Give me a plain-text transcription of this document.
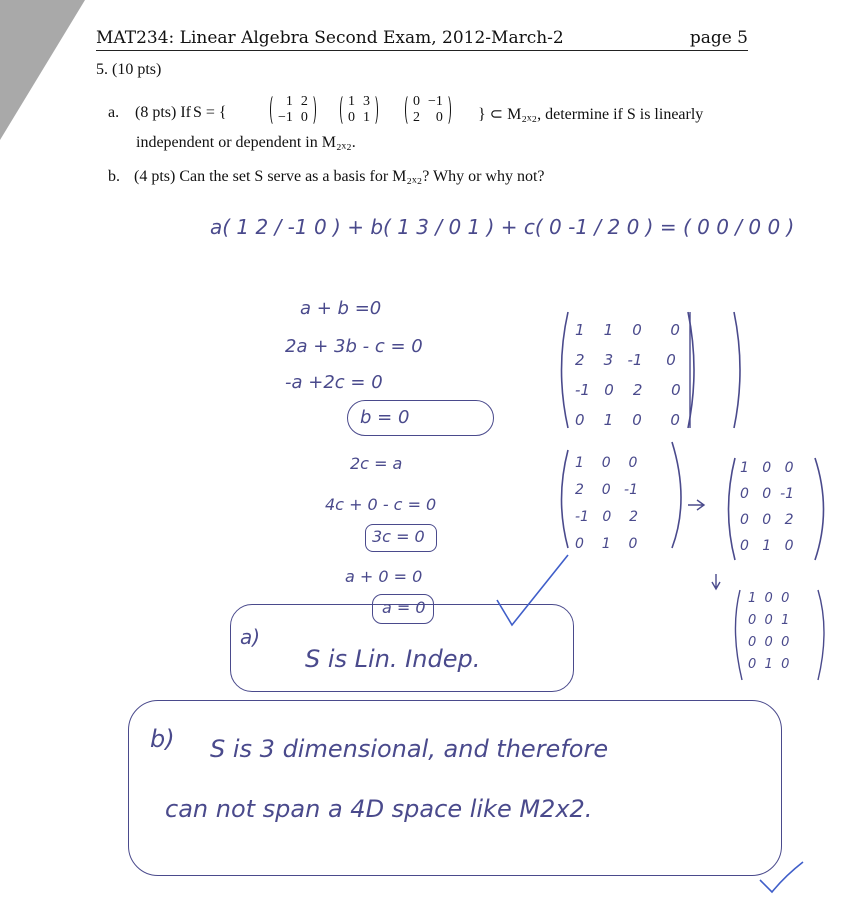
MAT234: Linear Algebra Second Exam, 2012-March-2	page 5
5. (10 pts)
a. (8 pts) If S = {
1 2
−1 0
1 3
0 1
0 −1
2	0 } ⊂ M₂ₓ₂, determine if S is linearly
independent or dependent in M₂ₓ₂.
b. (4 pts) Can the set S serve as a basis for M₂ₓ₂? Why or why not?
a( 1 2 / -1 0 ) + b( 1 3 / 0 1 ) + c( 0 -1 / 2 0 ) = ( 0 0 / 0 0 )
a + b =0
2a + 3b - c = 0
-a +2c = 0
b = 0
2c = a
4c + 0 - c = 0
3c = 0
a + 0 = 0
a = 0
1 1 0 0
2 3 -1 0
-1 0 2 0
0 1 0 0
1 0 0
2 0 -1
-1 0 2
0 1 0
1 0 0
0 0 -1
0 0 2
0 1 0
1 0 0
0 0 1
0 0 0
0 1 0
a)
S is Lin. Indep.
b) S is 3 dimensional, and therefore
can not span a 4D space like M2x2.
